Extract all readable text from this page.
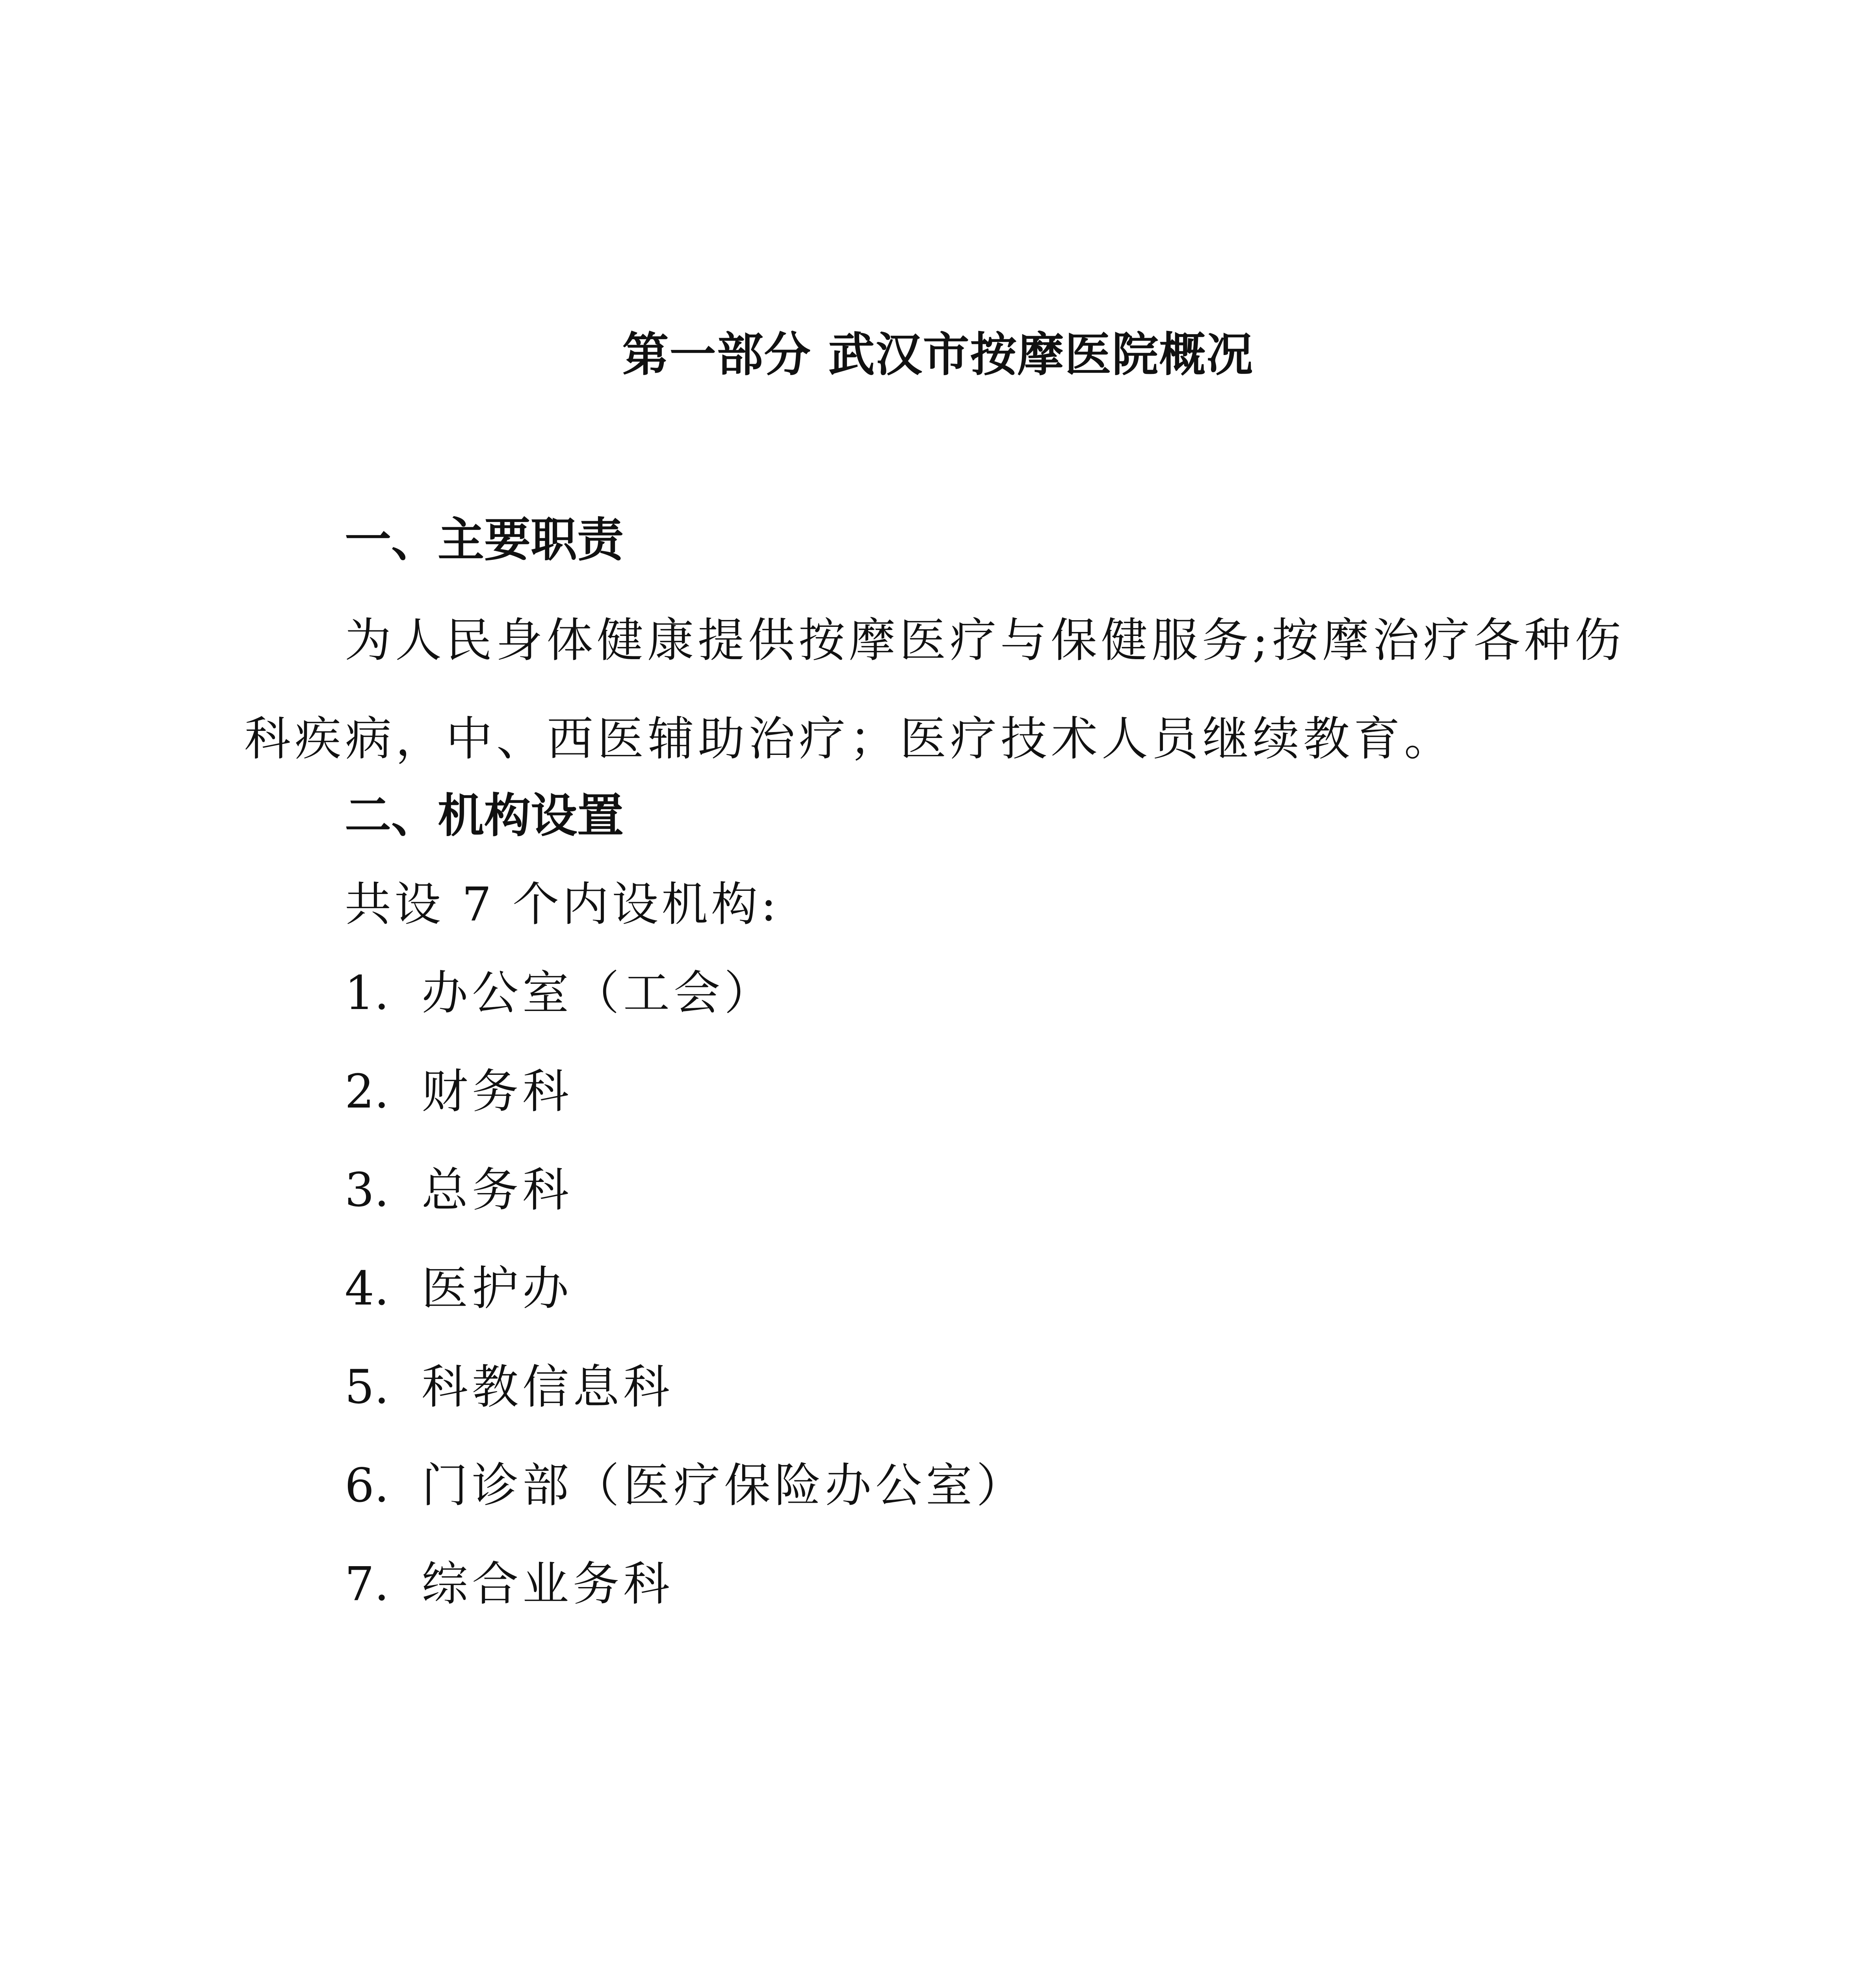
第一部分 武汉市按摩医院概况
一、主要职责

为人民身体健康提供按摩医疗与保健服务;按摩治疗各种伤科疾病，中、西医辅助治疗；医疗技术人员继续教育。

二、机构设置

共设 7 个内设机构:

1. 办公室（工会）
2. 财务科
3. 总务科
4. 医护办
5. 科教信息科
6. 门诊部（医疗保险办公室）
7. 综合业务科
